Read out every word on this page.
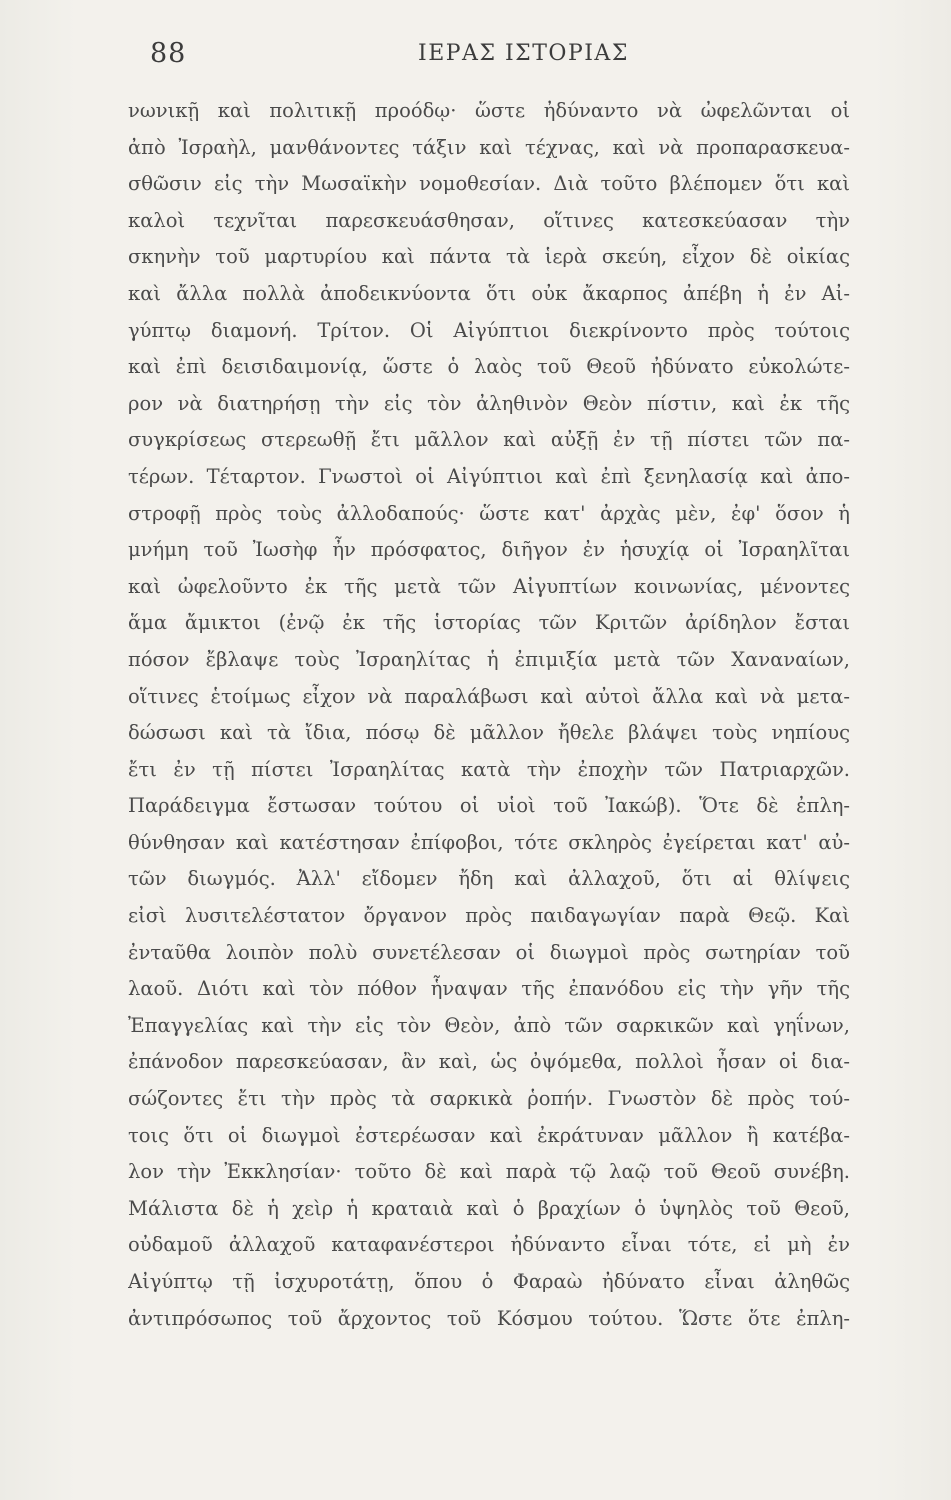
88	ΙΕΡΑΣ ΙΣΤΟΡΙΑΣ
νωνικῇ καὶ πολιτικῇ προόδῳ· ὥστε ἠδύναντο νὰ ὠφελῶνται οἱ
ἀπὸ Ἰσραὴλ, μανθάνοντες τάξιν καὶ τέχνας, καὶ νὰ προπαρασκευα-
σθῶσιν εἰς τὴν Μωσαϊκὴν νομοθεσίαν. Διὰ τοῦτο βλέπομεν ὅτι καὶ
καλοὶ τεχνῖται παρεσκευάσθησαν, οἵτινες κατεσκεύασαν τὴν
σκηνὴν τοῦ μαρτυρίου καὶ πάντα τὰ ἱερὰ σκεύη, εἶχον δὲ οἰκίας
καὶ ἄλλα πολλὰ ἀποδεικνύοντα ὅτι οὐκ ἄκαρπος ἀπέβη ἡ ἐν Αἰ-
γύπτῳ διαμονή. Τρίτον. Οἱ Αἰγύπτιοι διεκρίνοντο πρὸς τούτοις
καὶ ἐπὶ δεισιδαιμονίᾳ, ὥστε ὁ λαὸς τοῦ Θεοῦ ἠδύνατο εὐκολώτε-
ρον νὰ διατηρήσῃ τὴν εἰς τὸν ἀληθινὸν Θεὸν πίστιν, καὶ ἐκ τῆς
συγκρίσεως στερεωθῇ ἔτι μᾶλλον καὶ αὐξῇ ἐν τῇ πίστει τῶν πα-
τέρων. Τέταρτον. Γνωστοὶ οἱ Αἰγύπτιοι καὶ ἐπὶ ξενηλασίᾳ καὶ ἀπο-
στροφῇ πρὸς τοὺς ἀλλοδαπούς· ὥστε κατ' ἀρχὰς μὲν, ἐφ' ὅσον ἡ
μνήμη τοῦ Ἰωσὴφ ἦν πρόσφατος, διῆγον ἐν ἡσυχίᾳ οἱ Ἰσραηλῖται
καὶ ὠφελοῦντο ἐκ τῆς μετὰ τῶν Αἰγυπτίων κοινωνίας, μένοντες
ἅμα ἄμικτοι (ἐνῷ ἐκ τῆς ἱστορίας τῶν Κριτῶν ἀρίδηλον ἔσται
πόσον ἔβλαψε τοὺς Ἰσραηλίτας ἡ ἐπιμιξία μετὰ τῶν Χαναναίων,
οἵτινες ἑτοίμως εἶχον νὰ παραλάβωσι καὶ αὐτοὶ ἄλλα καὶ νὰ μετα-
δώσωσι καὶ τὰ ἴδια, πόσῳ δὲ μᾶλλον ἤθελε βλάψει τοὺς νηπίους
ἔτι ἐν τῇ πίστει Ἰσραηλίτας κατὰ τὴν ἐποχὴν τῶν Πατριαρχῶν.
Παράδειγμα ἔστωσαν τούτου οἱ υἱοὶ τοῦ Ἰακώβ). Ὅτε δὲ ἐπλη-
θύνθησαν καὶ κατέστησαν ἐπίφοβοι, τότε σκληρὸς ἐγείρεται κατ' αὐ-
τῶν διωγμός. Ἀλλ' εἴδομεν ἤδη καὶ ἀλλαχοῦ, ὅτι αἱ θλίψεις
εἰσὶ λυσιτελέστατον ὄργανον πρὸς παιδαγωγίαν παρὰ Θεῷ. Καὶ
ἐνταῦθα λοιπὸν πολὺ συνετέλεσαν οἱ διωγμοὶ πρὸς σωτηρίαν τοῦ
λαοῦ. Διότι καὶ τὸν πόθον ἧναψαν τῆς ἐπανόδου εἰς τὴν γῆν τῆς
Ἐπαγγελίας καὶ τὴν εἰς τὸν Θεὸν, ἀπὸ τῶν σαρκικῶν καὶ γηΐνων,
ἐπάνοδον παρεσκεύασαν, ἂν καὶ, ὡς ὀψόμεθα, πολλοὶ ἦσαν οἱ δια-
σώζοντες ἔτι τὴν πρὸς τὰ σαρκικὰ ῥοπήν. Γνωστὸν δὲ πρὸς τού-
τοις ὅτι οἱ διωγμοὶ ἐστερέωσαν καὶ ἐκράτυναν μᾶλλον ἢ κατέβα-
λον τὴν Ἐκκλησίαν· τοῦτο δὲ καὶ παρὰ τῷ λαῷ τοῦ Θεοῦ συνέβη.
Μάλιστα δὲ ἡ χεὶρ ἡ κραταιὰ καὶ ὁ βραχίων ὁ ὑψηλὸς τοῦ Θεοῦ,
οὐδαμοῦ ἀλλαχοῦ καταφανέστεροι ἠδύναντο εἶναι τότε, εἰ μὴ ἐν
Αἰγύπτῳ τῇ ἰσχυροτάτῃ, ὅπου ὁ Φαραὼ ἠδύνατο εἶναι ἀληθῶς
ἀντιπρόσωπος τοῦ ἄρχοντος τοῦ Κόσμου τούτου. Ὥστε ὅτε ἐπλη-
